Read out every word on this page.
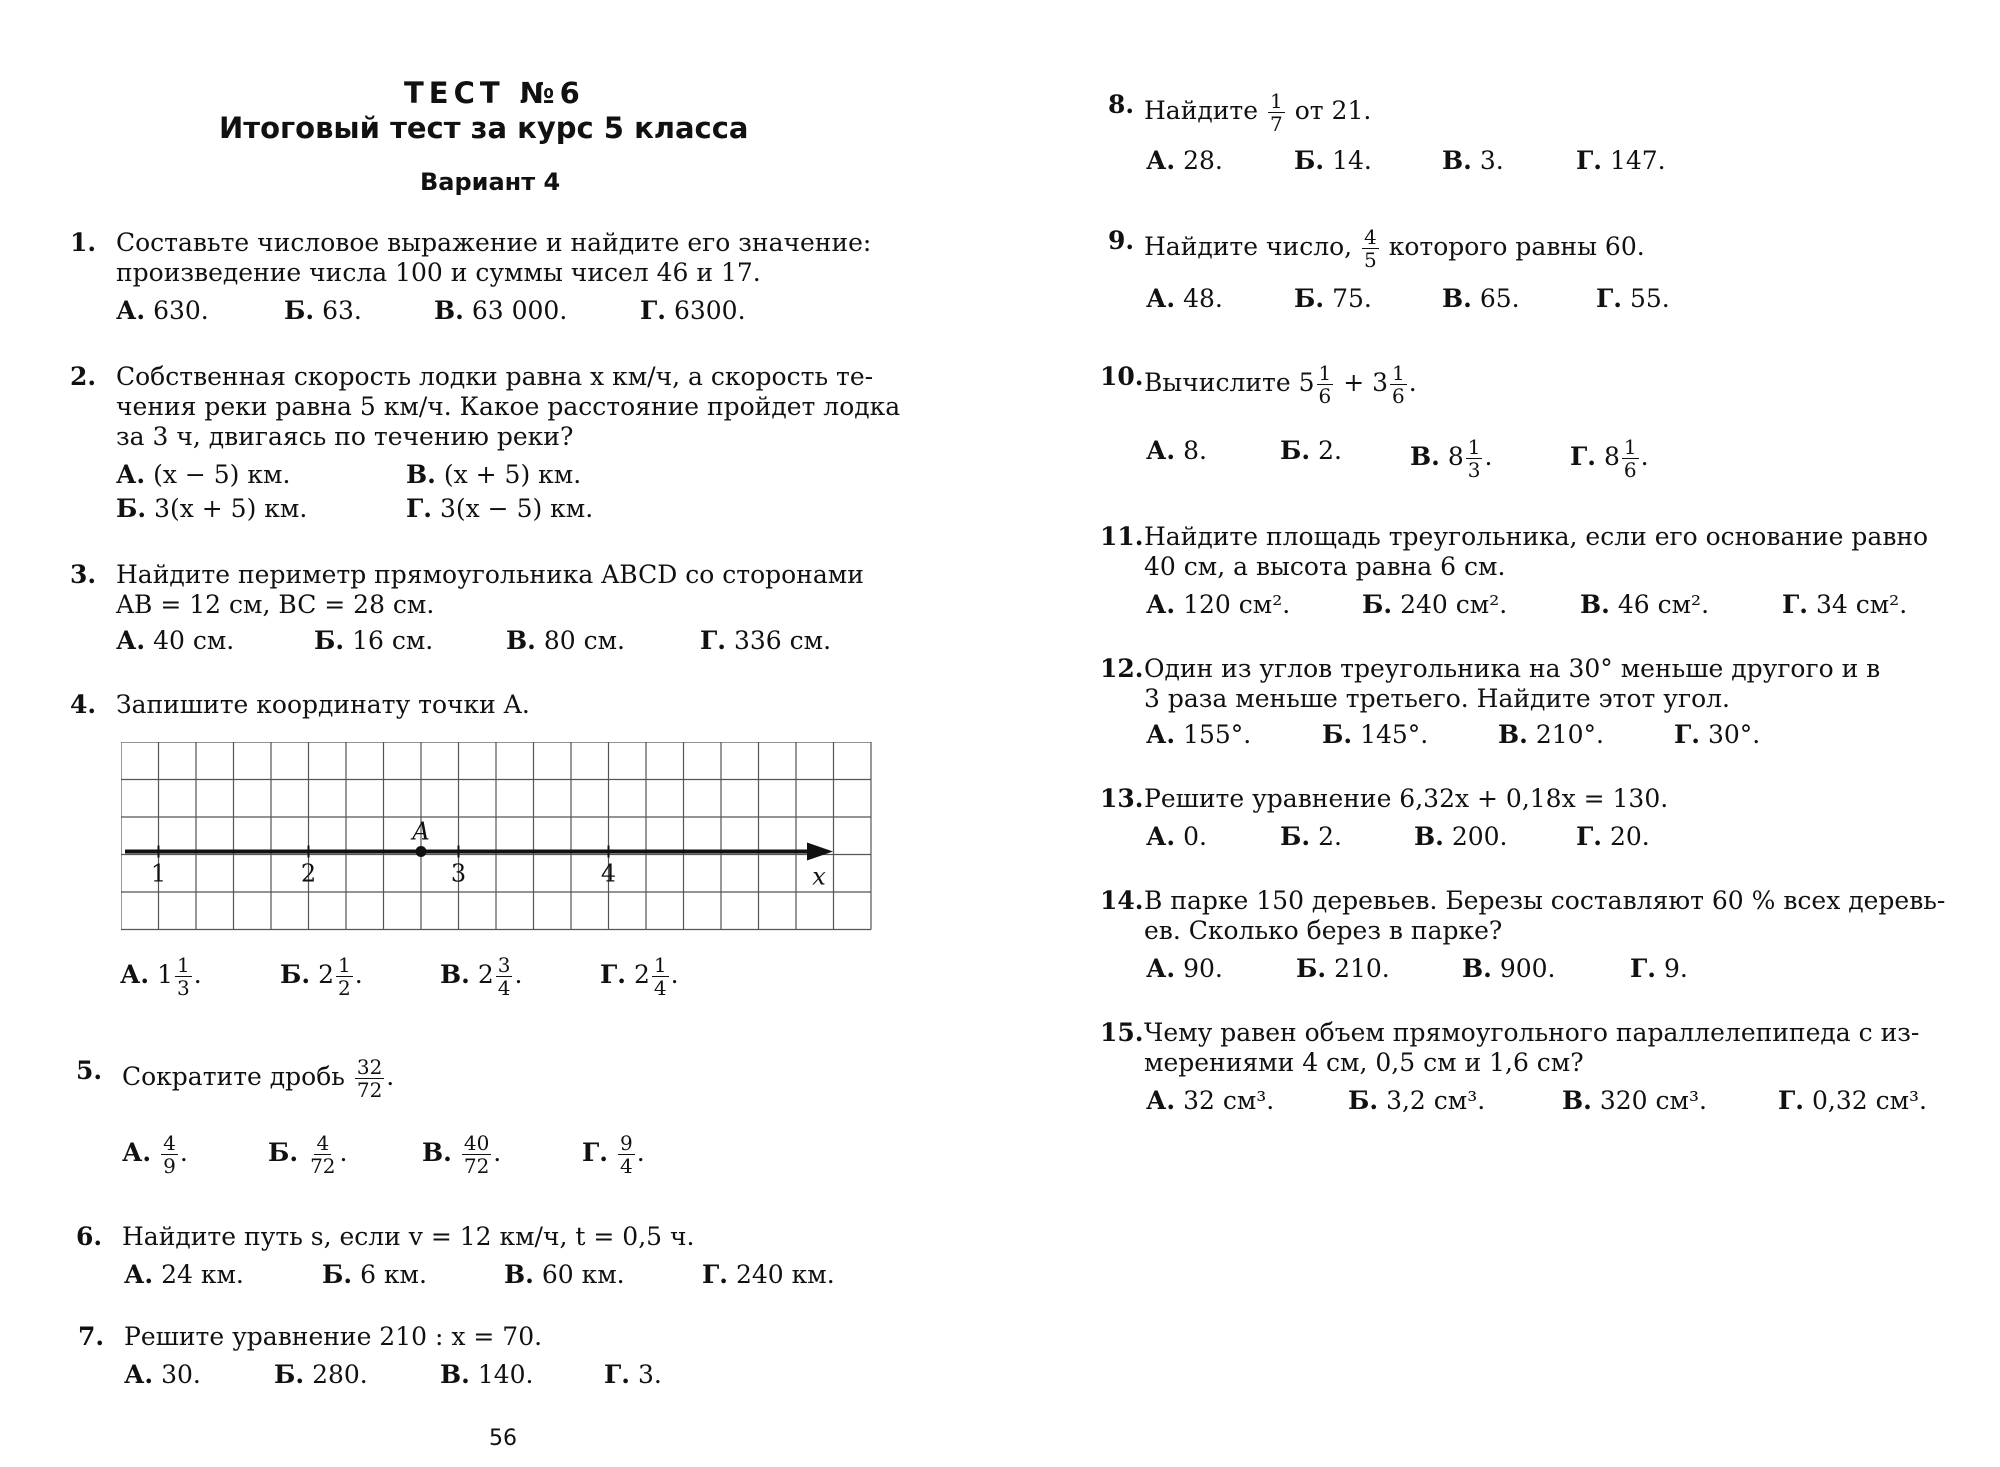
ТЕСТ №6
Итоговый тест за курс 5 класса
Вариант 4
1. Составьте числовое выражение и найдите его значение:
произведение числа 100 и суммы чисел 46 и 17.
А. 630.	Б. 63.	В. 63 000.	Г. 6300.
2. Собственная скорость лодки равна x км/ч, а скорость те-
чения реки равна 5 км/ч. Какое расстояние пройдет лодка
за 3 ч, двигаясь по течению реки?
А. (x − 5) км.	В. (x + 5) км.
Б. 3(x + 5) км.	Г. 3(x − 5) км.
3. Найдите периметр прямоугольника ABCD со сторонами
AB = 12 см, BC = 28 см.
А. 40 см.	Б. 16 см.	В. 80 см.	Г. 336 см.
4. Запишите координату точки A.
1	2	3	4
A
x
А. $1 \frac{1}{3}$ .	Б. $2 \frac{1}{2}$ .	В. $2 \frac{3}{4}$ .	Г. $2 \frac{1}{4}$ .
5. Сократите дробь $\frac{32}{72}$ .
А. $\frac{4}{9}$ .	Б. $\frac{4}{72}$ .	В. $\frac{40}{72}$ .	Г. $\frac{9}{4}$ .
6. Найдите путь s, если v = 12 км/ч, t = 0,5 ч.
А. 24 км.	Б. 6 км.	В. 60 км.	Г. 240 км.
7. Решите уравнение 210 : x = 70.
А. 30.	Б. 280.	В. 140.	Г. 3.
56
8. Найдите $\frac{1}{7}$ от 21.
А. 28.	Б. 14.	В. 3.	Г. 147.
9. Найдите число, $\frac{4}{5}$ которого равны 60.
А. 48.	Б. 75.	В. 65.	Г. 55.
10. Вычислите $5 \frac{1}{6} + 3 \frac{1}{6}$ .
А. 8.	Б. 2.	В. $8 \frac{1}{3}$ .	Г. $8 \frac{1}{6}$ .
11. Найдите площадь треугольника, если его основание равно
40 см, а высота равна 6 см.
А. 120 см².	Б. 240 см².	В. 46 см².	Г. 34 см².
12. Один из углов треугольника на 30° меньше другого и в
3 раза меньше третьего. Найдите этот угол.
А. 155°.	Б. 145°.	В. 210°.	Г. 30°.
13. Решите уравнение 6,32x + 0,18x = 130.
А. 0.	Б. 2.	В. 200.	Г. 20.
14. В парке 150 деревьев. Березы составляют 60 % всех деревь-
ев. Сколько берез в парке?
А. 90.	Б. 210.	В. 900.	Г. 9.
15. Чему равен объем прямоугольного параллелепипеда с из-
мерениями 4 см, 0,5 см и 1,6 см?
А. 32 см³.	Б. 3,2 см³.	В. 320 см³.	Г. 0,32 см³.
